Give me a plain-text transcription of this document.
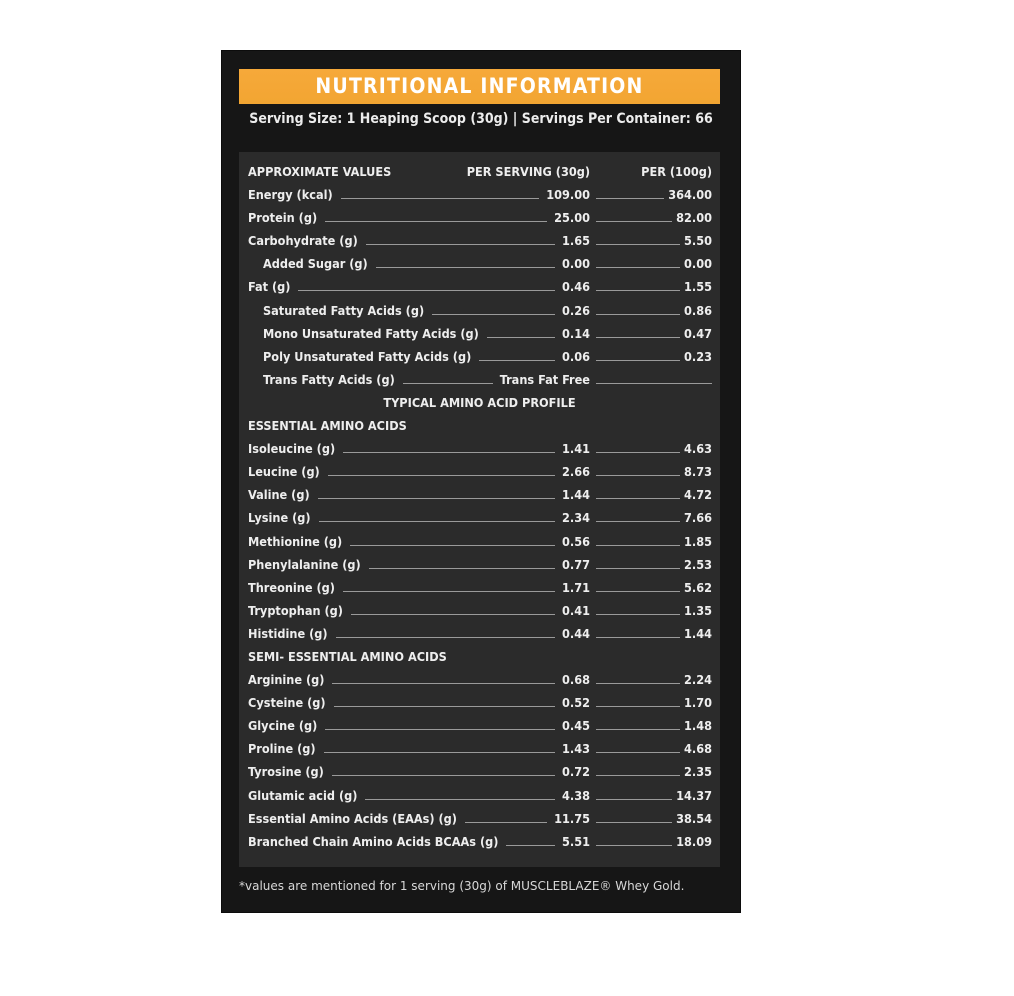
NUTRITIONAL INFORMATION
Serving Size: 1 Heaping Scoop (30g) | Servings Per Container: 66
APPROXIMATE VALUES	PER SERVING (30g)	PER (100g)
Energy (kcal)	109.00	364.00
Protein (g)	25.00	82.00
Carbohydrate (g)	1.65	5.50
Added Sugar (g)	0.00	0.00
Fat (g)	0.46	1.55
Saturated Fatty Acids (g)	0.26	0.86
Mono Unsaturated Fatty Acids (g)	0.14	0.47
Poly Unsaturated Fatty Acids (g)	0.06	0.23
Trans Fatty Acids (g)	Trans Fat Free
TYPICAL AMINO ACID PROFILE
ESSENTIAL AMINO ACIDS
Isoleucine (g)	1.41	4.63
Leucine (g)	2.66	8.73
Valine (g)	1.44	4.72
Lysine (g)	2.34	7.66
Methionine (g)	0.56	1.85
Phenylalanine (g)	0.77	2.53
Threonine (g)	1.71	5.62
Tryptophan (g)	0.41	1.35
Histidine (g)	0.44	1.44
SEMI- ESSENTIAL AMINO ACIDS
Arginine (g)	0.68	2.24
Cysteine (g)	0.52	1.70
Glycine (g)	0.45	1.48
Proline (g)	1.43	4.68
Tyrosine (g)	0.72	2.35
Glutamic acid (g)	4.38	14.37
Essential Amino Acids (EAAs) (g)	11.75	38.54
Branched Chain Amino Acids BCAAs (g)	5.51	18.09
*values are mentioned for 1 serving (30g) of MUSCLEBLAZE® Whey Gold.
